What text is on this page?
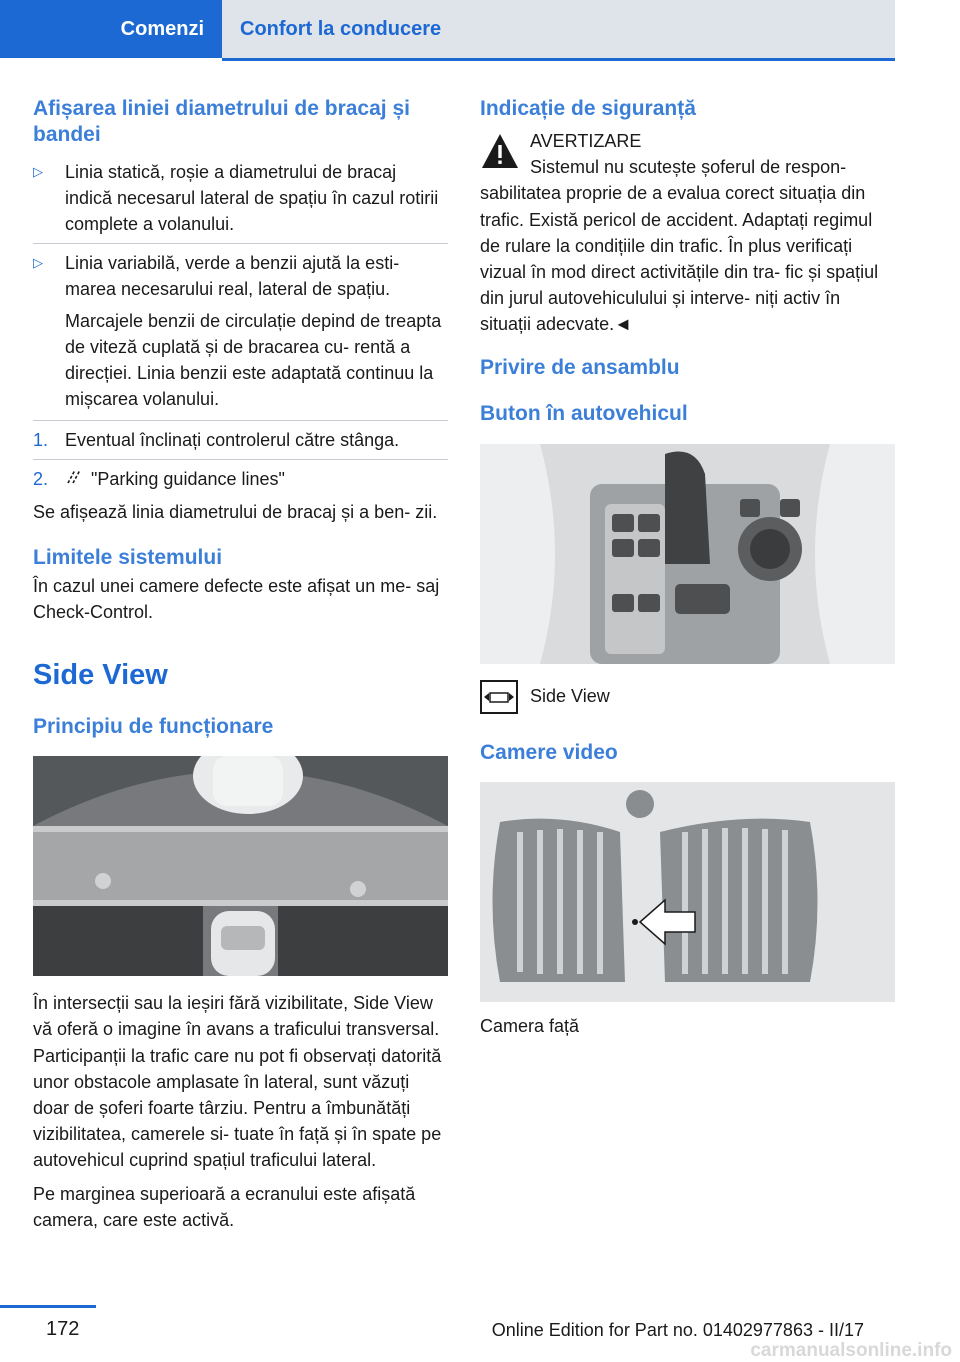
Comenzi	Confort la conducere
Afișarea liniei diametrului de bracaj și bandei
▷	Linia statică, roșie a diametrului de bracaj indică necesarul lateral de spațiu în cazul rotirii complete a volanului.
▷	Linia variabilă, verde a benzii ajută la esti- marea necesarului real, lateral de spațiu.
Marcajele benzii de circulație depind de treapta de viteză cuplată și de bracarea cu- rentă a direcției. Linia benzii este adaptată continuu la mișcarea volanului.
1. Eventual înclinați controlerul către stânga.
2.	"Parking guidance lines"

Se afișează linia diametrului de bracaj și a ben- zii.

Limitele sistemului

În cazul unei camere defecte este afișat un me- saj Check-Control.

Side View
Principiu de funcționare

În intersecții sau la ieșiri fără vizibilitate, Side View vă oferă o imagine în avans a traficului transversal. Participanții la trafic care nu pot fi observați datorită unor obstacole amplasate în lateral, sunt văzuți doar de șoferi foarte târziu. Pentru a îmbunătăți vizibilitatea, camerele si- tuate în față și în spate pe autovehicul cuprind spațiul traficului lateral.

Pe marginea superioară a ecranului este afișată camera, care este activă.

Indicație de siguranță
AVERTIZARE
Sistemul nu scutește șoferul de respon- sabilitatea proprie de a evalua corect situația din trafic. Există pericol de accident. Adaptați regimul de rulare la condițiile din trafic. În plus verificați vizual în mod direct activitățile din tra- fic și spațiul din jurul autovehiculului și interve- niți activ în situații adecvate.◄
Privire de ansamblu
Buton în autovehicul
Side View
Camere video
Camera față
172	Online Edition for Part no. 01402977863 - II/17
carmanualsonline.info
